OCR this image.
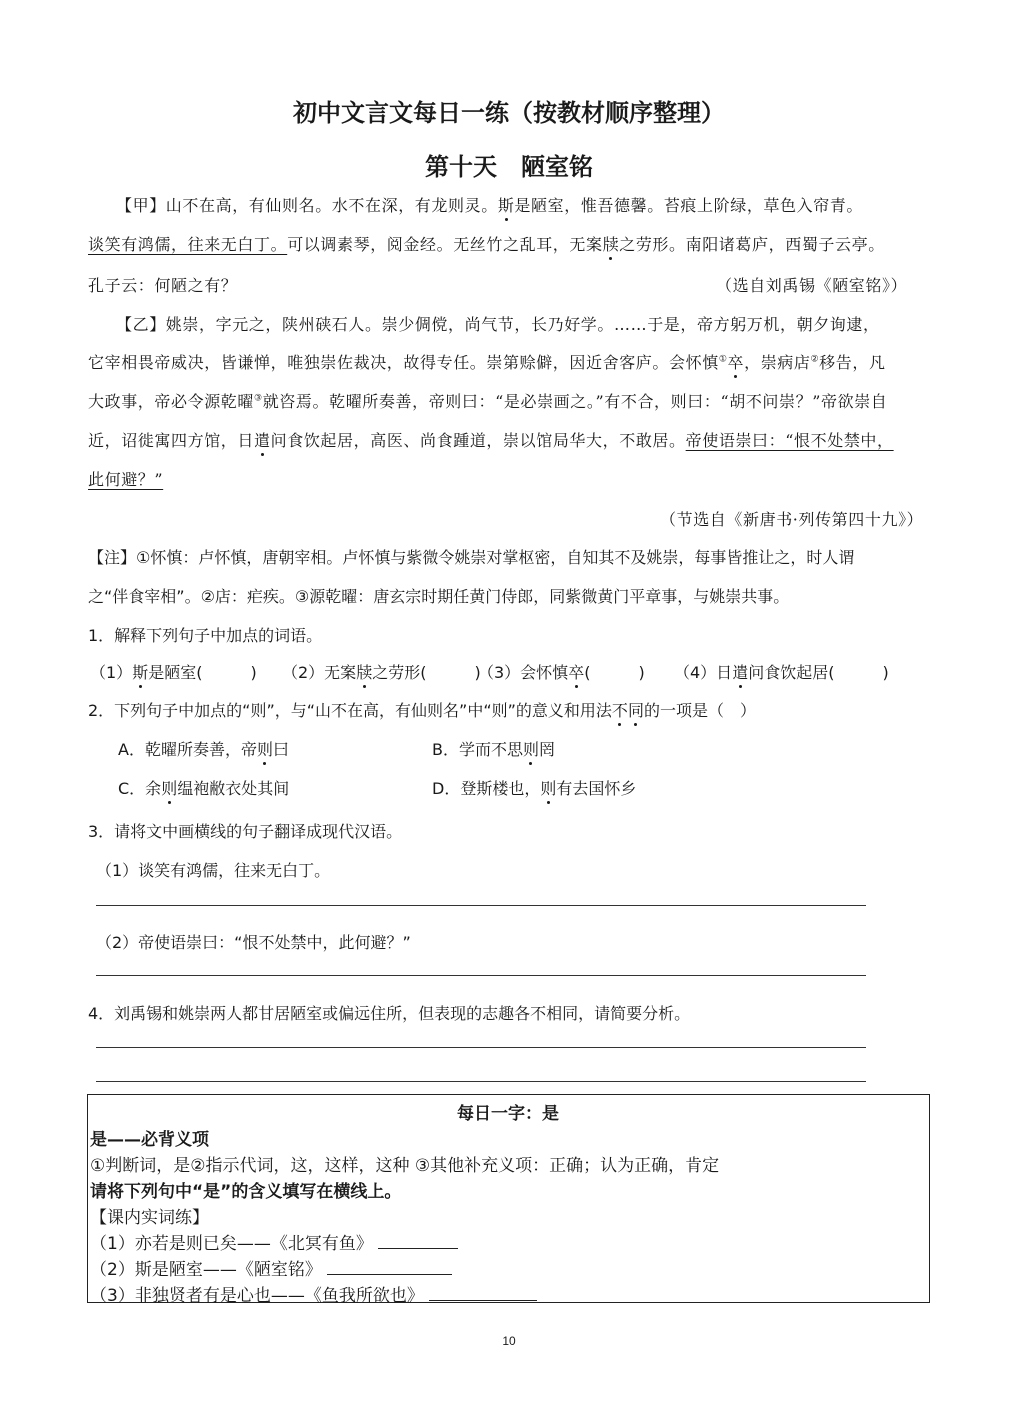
初中文言文每日一练（按教材顺序整理）
第十天　陋室铭
【甲】山不在高，有仙则名。水不在深，有龙则灵。斯是陋室，惟吾德馨。苔痕上阶绿，草色入帘青。
谈笑有鸿儒，往来无白丁。可以调素琴，阅金经。无丝竹之乱耳，无案牍之劳形。南阳诸葛庐，西蜀子云亭。
孔子云：何陋之有？	（选自刘禹锡《陋室铭》）
【乙】姚崇，字元之，陕州硖石人。崇少倜傥，尚气节，长乃好学。……于是，帝方躬万机，朝夕询逮，
它宰相畏帝威决，皆谦惮，唯独崇佐裁决，故得专任。崇第赊僻，因近舍客庐。会怀慎①卒，崇病店②移告，凡
大政事，帝必令源乾曜③就咨焉。乾曜所奏善，帝则曰：“是必崇画之。”有不合，则曰：“胡不问崇？”帝欲崇自
近，诏徙寓四方馆，日遣问食饮起居，高医、尚食踵道，崇以馆局华大，不敢居。帝使语崇曰：“恨不处禁中，
此何避？”
（节选自《新唐书·列传第四十九》）
【注】①怀慎：卢怀慎，唐朝宰相。卢怀慎与紫微令姚崇对掌枢密，自知其不及姚崇，每事皆推让之，时人谓
之“伴食宰相”。②店：疟疾。③源乾曜：唐玄宗时期任黄门侍郎，同紫微黄门平章事，与姚崇共事。
1．解释下列句子中加点的词语。
（1）斯是陋室(　　　) （2）无案牍之劳形(　　　)
（3）会怀慎卒(　　　) （4）日遣问食饮起居(　　　)
2．下列句子中加点的“则”，与“山不在高，有仙则名”中“则”的意义和用法不同的一项是（　）
A．乾曜所奏善，帝则曰	B．学而不思则罔
C．余则缊袍敝衣处其间	D．登斯楼也，则有去国怀乡
3．请将文中画横线的句子翻译成现代汉语。
（1）谈笑有鸿儒，往来无白丁。
（2）帝使语崇曰：“恨不处禁中，此何避？”
4．刘禹锡和姚崇两人都甘居陋室或偏远住所，但表现的志趣各不相同，请简要分析。
每日一字：是
是——必背义项
①判断词，是②指示代词，这，这样，这种 ③其他补充义项：正确；认为正确，肯定
请将下列句中“是”的含义填写在横线上。
【课内实词练】
（1）亦若是则已矣——《北冥有鱼》
（2）斯是陋室——《陋室铭》
（3）非独贤者有是心也——《鱼我所欲也》
10
